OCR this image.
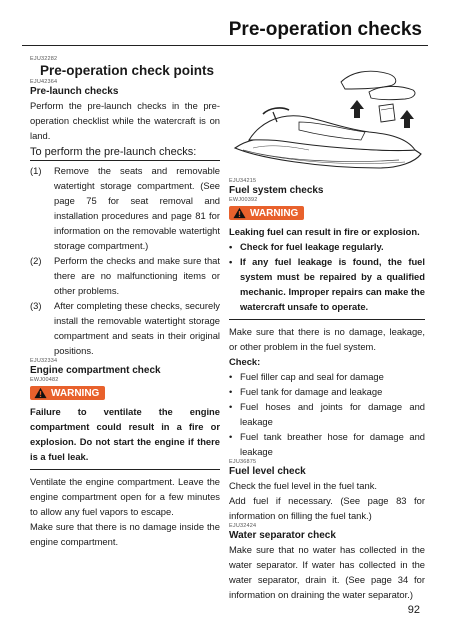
Pre-operation checks
EJU32282
Pre-operation check points
EJU42364
Pre-launch checks

Perform the pre-launch checks in the pre-operation checklist while the watercraft is on land.

To perform the pre-launch checks:
(1)	Remove the seats and removable watertight storage compartment. (See page 75 for seat removal and installation procedures and page 81 for information on the removable watertight storage compartment.)
(2)	Perform the checks and make sure that there are no malfunctioning items or other problems.
(3)	After completing these checks, securely install the removable watertight storage compartment and seats in their original positions.
EJU32334
Engine compartment check
EWJ00482
WARNING

Failure to ventilate the engine compartment could result in a fire or explosion. Do not start the engine if there is a fuel leak.

Ventilate the engine compartment. Leave the engine compartment open for a few minutes to allow any fuel vapors to escape.

Make sure that there is no damage inside the engine compartment.

EJU34215
Fuel system checks
EWJ00392
WARNING

Leaking fuel can result in fire or explosion.

• Check for fuel leakage regularly.
• If any fuel leakage is found, the fuel system must be repaired by a qualified mechanic. Improper repairs can make the watercraft unsafe to operate.

Make sure that there is no damage, leakage, or other problem in the fuel system.

Check:
• Fuel filler cap and seal for damage
• Fuel tank for damage and leakage
• Fuel hoses and joints for damage and leakage
• Fuel tank breather hose for damage and leakage
EJU36875
Fuel level check

Check the fuel level in the fuel tank.

Add fuel if necessary. (See page 83 for information on filling the fuel tank.)

EJU32424
Water separator check

Make sure that no water has collected in the water separator. If water has collected in the water separator, drain it. (See page 34 for information on draining the water separator.)

92
